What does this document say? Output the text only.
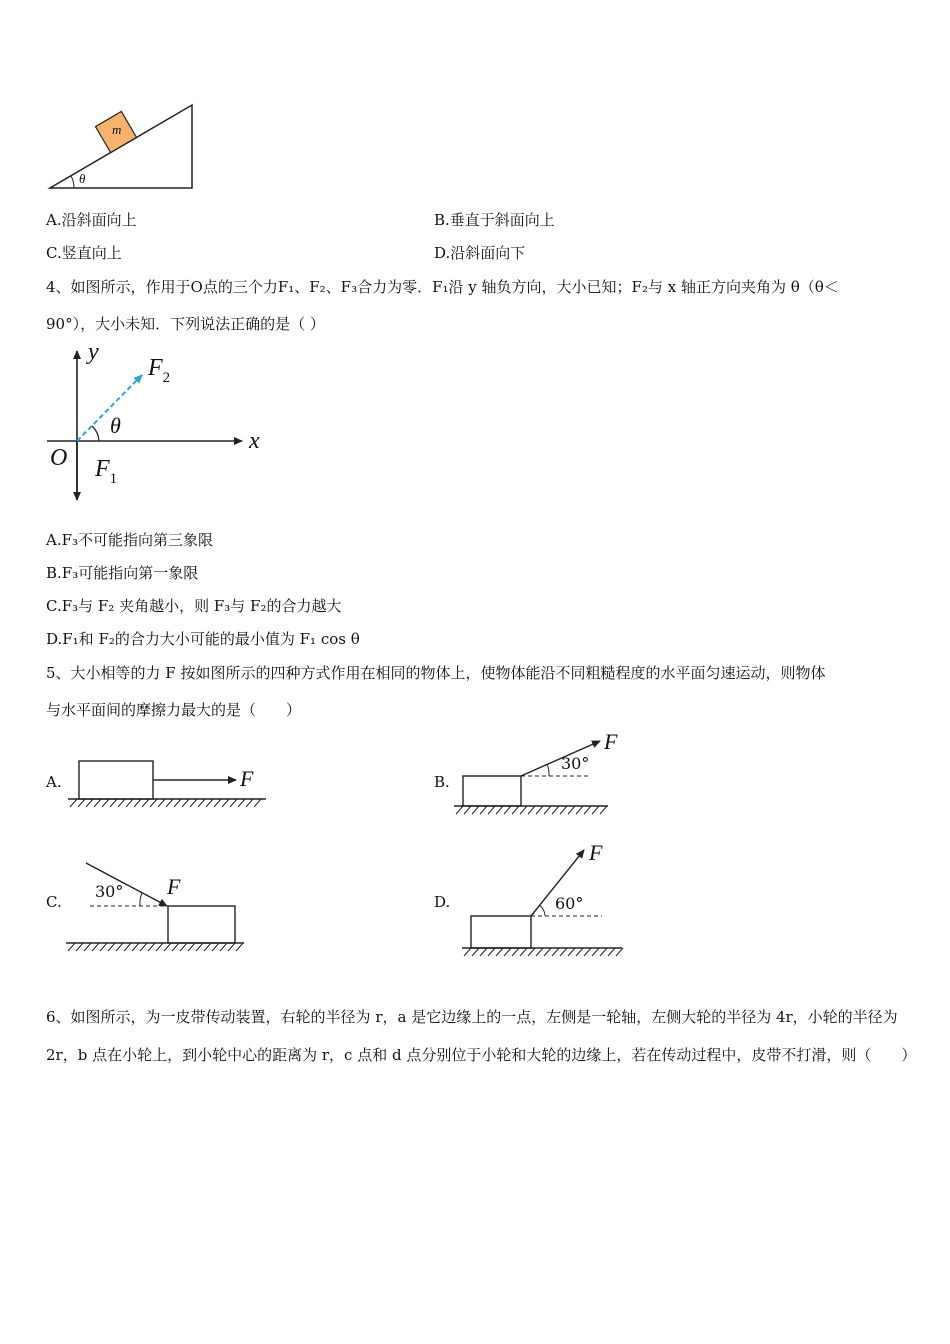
m
θ
A.沿斜面向上	B.垂直于斜面向上
C.竖直向上	D.沿斜面向下
4、如图所示，作用于O点的三个力F₁、F₂、F₃合力为零．F₁沿 y 轴负方向，大小已知；F₂与 x 轴正方向夹角为 θ（θ＜
90°），大小未知．下列说法正确的是（ ）
y
x
O
θ
$F_2$
$F_1$
A.F₃不可能指向第三象限
B.F₃可能指向第一象限
C.F₃与 F₂ 夹角越小，则 F₃与 F₂的合力越大
D.F₁和 F₂的合力大小可能的最小值为 F₁ cos θ
5、大小相等的力 F 按如图所示的四种方式作用在相同的物体上，使物体能沿不同粗糙程度的水平面匀速运动，则物体
与水平面间的摩擦力最大的是（　　）
A.	F	B.
F
30°
C.
F
30°
D.
F
60°
6、如图所示，为一皮带传动装置，右轮的半径为 r，a 是它边缘上的一点，左侧是一轮轴，左侧大轮的半径为 4r，小轮的半径为 2r，b 点在小轮上，到小轮中心的距离为 r，c 点和 d 点分别位于小轮和大轮的边缘上，若在传动过程中，皮带不打滑，则（　　）
